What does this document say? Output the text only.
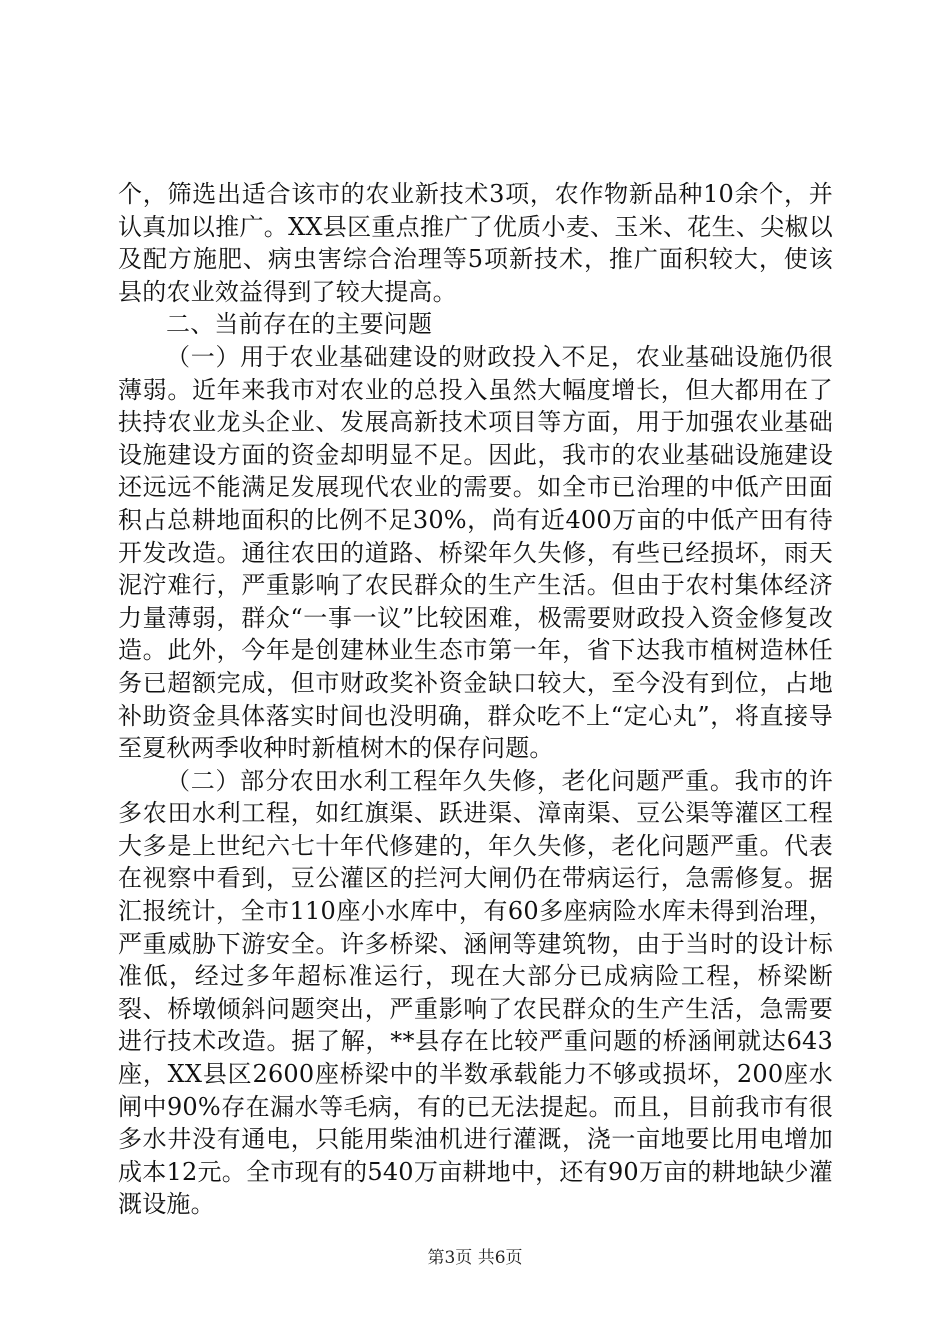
个，筛选出适合该市的农业新技术3项，农作物新品种10余个，并认真加以推广。XX县区重点推广了优质小麦、玉米、花生、尖椒以及配方施肥、病虫害综合治理等5项新技术，推广面积较大，使该县的农业效益得到了较大提高。

二、当前存在的主要问题

（一）用于农业基础建设的财政投入不足，农业基础设施仍很薄弱。近年来我市对农业的总投入虽然大幅度增长，但大都用在了扶持农业龙头企业、发展高新技术项目等方面，用于加强农业基础设施建设方面的资金却明显不足。因此，我市的农业基础设施建设还远远不能满足发展现代农业的需要。如全市已治理的中低产田面积占总耕地面积的比例不足30%，尚有近400万亩的中低产田有待开发改造。通往农田的道路、桥梁年久失修，有些已经损坏，雨天泥泞难行，严重影响了农民群众的生产生活。但由于农村集体经济力量薄弱，群众“一事一议”比较困难，极需要财政投入资金修复改造。此外，今年是创建林业生态市第一年，省下达我市植树造林任务已超额完成，但市财政奖补资金缺口较大，至今没有到位，占地补助资金具体落实时间也没明确，群众吃不上“定心丸”，将直接导至夏秋两季收种时新植树木的保存问题。

（二）部分农田水利工程年久失修，老化问题严重。我市的许多农田水利工程，如红旗渠、跃进渠、漳南渠、豆公渠等灌区工程大多是上世纪六七十年代修建的，年久失修，老化问题严重。代表在视察中看到，豆公灌区的拦河大闸仍在带病运行，急需修复。据汇报统计，全市110座小水库中，有60多座病险水库未得到治理，严重威胁下游安全。许多桥梁、涵闸等建筑物，由于当时的设计标准低，经过多年超标准运行，现在大部分已成病险工程，桥梁断裂、桥墩倾斜问题突出，严重影响了农民群众的生产生活，急需要进行技术改造。据了解，**县存在比较严重问题的桥涵闸就达643座，XX县区2600座桥梁中的半数承载能力不够或损坏，200座水闸中90%存在漏水等毛病，有的已无法提起。而且，目前我市有很多水井没有通电，只能用柴油机进行灌溉，浇一亩地要比用电增加成本12元。全市现有的540万亩耕地中，还有90万亩的耕地缺少灌溉设施。

第3页 共6页
